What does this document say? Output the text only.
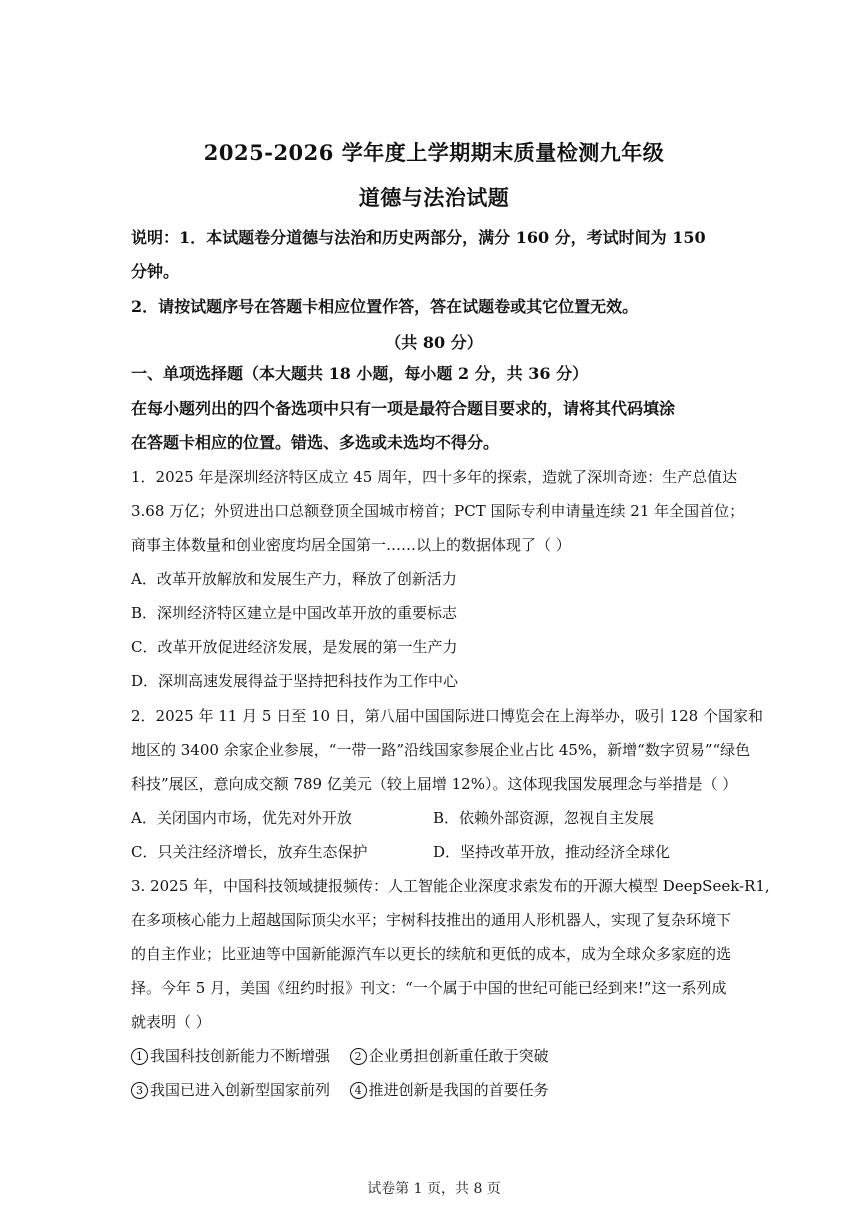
2025-2026 学年度上学期期末质量检测九年级
道德与法治试题
说明：1．本试题卷分道德与法治和历史两部分，满分 160 分，考试时间为 150
分钟。
2．请按试题序号在答题卡相应位置作答，答在试题卷或其它位置无效。
（共 80 分）
一、单项选择题（本大题共 18 小题，每小题 2 分，共 36 分）
在每小题列出的四个备选项中只有一项是最符合题目要求的，请将其代码填涂
在答题卡相应的位置。错选、多选或未选均不得分。
1．2025 年是深圳经济特区成立 45 周年，四十多年的探索，造就了深圳奇迹：生产总值达
3.68 万亿；外贸进出口总额登顶全国城市榜首；PCT 国际专利申请量连续 21 年全国首位；
商事主体数量和创业密度均居全国第一……以上的数据体现了（ ）
A．改革开放解放和发展生产力，释放了创新活力
B．深圳经济特区建立是中国改革开放的重要标志
C．改革开放促进经济发展，是发展的第一生产力
D．深圳高速发展得益于坚持把科技作为工作中心
2．2025 年 11 月 5 日至 10 日，第八届中国国际进口博览会在上海举办，吸引 128 个国家和
地区的 3400 余家企业参展，“一带一路”沿线国家参展企业占比 45%，新增“数字贸易”“绿色
科技”展区，意向成交额 789 亿美元（较上届增 12%）。这体现我国发展理念与举措是（ ）
A．关闭国内市场，优先对外开放	B．依赖外部资源，忽视自主发展
C．只关注经济增长，放弃生态保护	D．坚持改革开放，推动经济全球化
3. 2025 年，中国科技领域捷报频传：人工智能企业深度求索发布的开源大模型 DeepSeek-R1,
在多项核心能力上超越国际顶尖水平；宇树科技推出的通用人形机器人，实现了复杂环境下
的自主作业；比亚迪等中国新能源汽车以更长的续航和更低的成本，成为全球众多家庭的选
择。今年 5 月，美国《纽约时报》刊文：“一个属于中国的世纪可能已经到来!”这一系列成
就表明（ ）
1 我国科技创新能力不断增强 2 企业勇担创新重任敢于突破
3 我国已进入创新型国家前列 4 推进创新是我国的首要任务
试卷第 1 页，共 8 页
